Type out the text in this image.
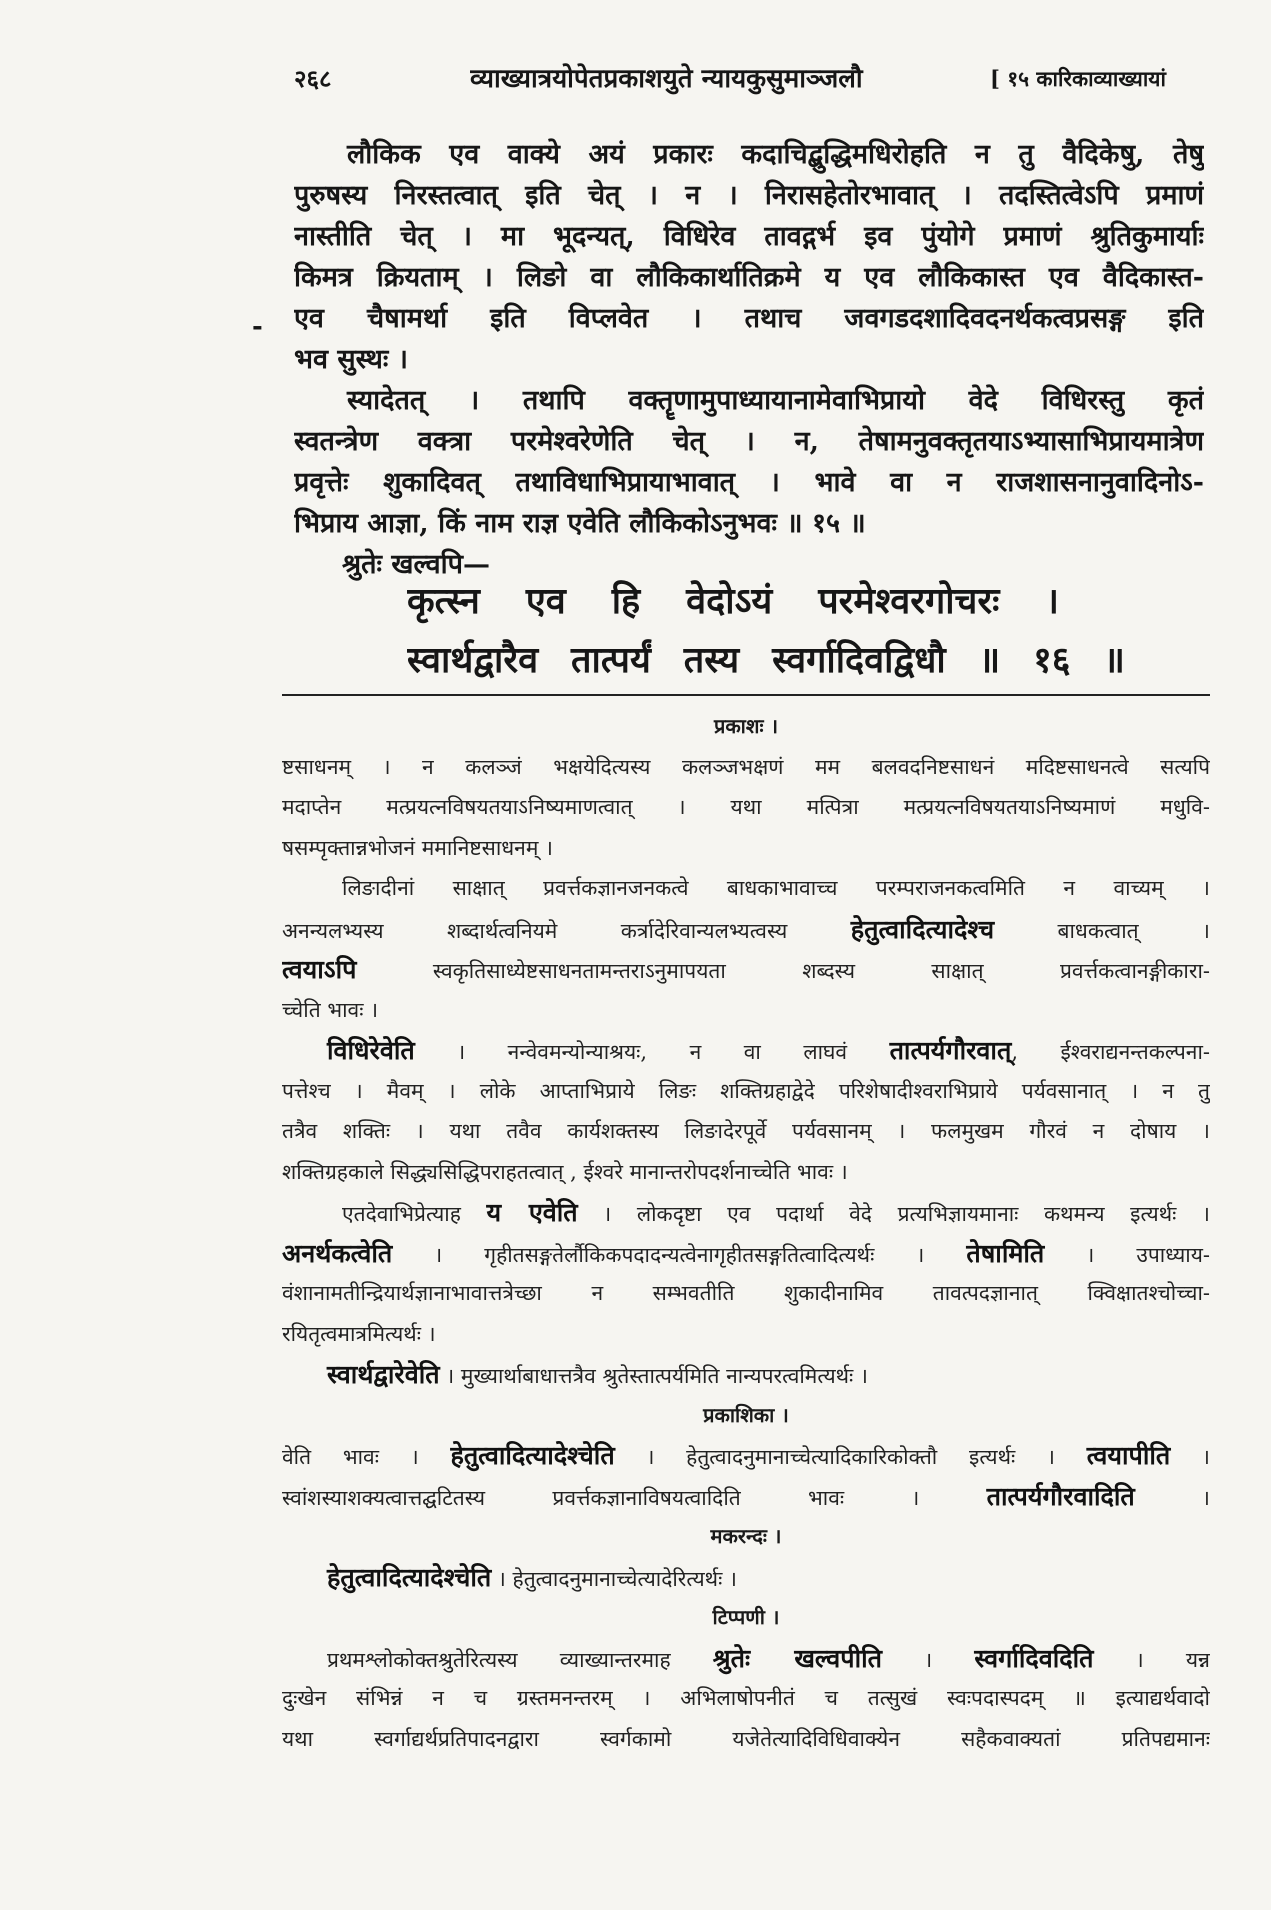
२६८	व्याख्यात्रयोपेतप्रकाशयुते न्यायकुसुमाञ्जलौ	[ १५ कारिकाव्याख्यायां
-
लौकिक एव वाक्ये अयं प्रकारः कदाचिद्बुद्धिमधिरोहति न तु वैदिकेषु, तेषु
पुरुषस्य निरस्तत्वात् इति चेत् । न । निरासहेतोरभावात् । तदस्तित्वेऽपि प्रमाणं
नास्तीति चेत् । मा भूदन्यत्, विधिरेव तावद्गर्भ इव पुंयोगे प्रमाणं श्रुतिकुमार्याः
किमत्र क्रियताम् । लिङो वा लौकिकार्थातिक्रमे य एव लौकिकास्त एव वैदिकास्त-
एव चैषामर्था इति विप्लवेत । तथाच जवगडदशादिवदनर्थकत्वप्रसङ्ग इति
भव सुस्थः ।
स्यादेतत् । तथापि वक्तॄणामुपाध्यायानामेवाभिप्रायो वेदे विधिरस्तु कृतं
स्वतन्त्रेण वक्त्रा परमेश्वरेणेति चेत् । न, तेषामनुवक्तृतयाऽभ्यासाभिप्रायमात्रेण
प्रवृत्तेः शुकादिवत् तथाविधाभिप्रायाभावात् । भावे वा न राजशासनानुवादिनोऽ-
भिप्राय आज्ञा, किं नाम राज्ञ एवेति लौकिकोऽनुभवः ॥ १५ ॥
श्रुतेः खल्वपि—
कृत्स्न एव हि वेदोऽयं परमेश्वरगोचरः ।
स्वार्थद्वारैव तात्पर्यं तस्य स्वर्गादिवद्विधौ ॥ १६ ॥
प्रकाशः ।
ष्टसाधनम् । न कलञ्जं भक्षयेदित्यस्य कलञ्जभक्षणं मम बलवदनिष्टसाधनं मदिष्टसाधनत्वे सत्यपि
मदाप्तेन मत्प्रयत्नविषयतयाऽनिष्यमाणत्वात् । यथा मत्पित्रा मत्प्रयत्नविषयतयाऽनिष्यमाणं मधुवि-
षसम्पृक्तान्नभोजनं ममानिष्टसाधनम् ।
लिङादीनां साक्षात् प्रवर्त्तकज्ञानजनकत्वे बाधकाभावाच्च परम्पराजनकत्वमिति न वाच्यम् ।
अनन्यलभ्यस्य शब्दार्थत्वनियमे कर्त्रादेरिवान्यलभ्यत्वस्य हेतुत्वादित्यादेश्च बाधकत्वात् ।
त्वयाऽपि स्वकृतिसाध्येष्टसाधनतामन्तराऽनुमापयता शब्दस्य साक्षात् प्रवर्त्तकत्वानङ्गीकारा-
च्चेति भावः ।
विधिरेवेति । नन्वेवमन्योन्याश्रयः, न वा लाघवं तात्पर्यगौरवात्, ईश्वराद्यनन्तकल्पना-
पत्तेश्च । मैवम् । लोके आप्ताभिप्राये लिङः शक्तिग्रहाद्वेदे परिशेषादीश्वराभिप्राये पर्यवसानात् । न तु
तत्रैव शक्तिः । यथा तवैव कार्यशक्तस्य लिङादेरपूर्वे पर्यवसानम् । फलमुखम गौरवं न दोषाय ।
शक्तिग्रहकाले सिद्ध्यसिद्धिपराहतत्वात् , ईश्वरे मानान्तरोपदर्शनाच्चेति भावः ।
एतदेवाभिप्रेत्याह य एवेति । लोकदृष्टा एव पदार्था वेदे प्रत्यभिज्ञायमानाः कथमन्य इत्यर्थः ।
अनर्थकत्वेति । गृहीतसङ्गतेर्लौकिकपदादन्यत्वेनागृहीतसङ्गतित्वादित्यर्थः । तेषामिति । उपाध्याय-
वंशानामतीन्द्रियार्थज्ञानाभावात्तत्रेच्छा न सम्भवतीति शुकादीनामिव तावत्पदज्ञानात् क्विक्षातश्चोच्चा-
रयितृत्वमात्रमित्यर्थः ।
स्वार्थद्वारेवेति । मुख्यार्थाबाधात्तत्रैव श्रुतेस्तात्पर्यमिति नान्यपरत्वमित्यर्थः ।
प्रकाशिका ।
वेति भावः । हेतुत्वादित्यादेश्चेति । हेतुत्वादनुमानाच्चेत्यादिकारिकोक्तौ इत्यर्थः । त्वयापीति ।
स्वांशस्याशक्यत्वात्तद्घटितस्य प्रवर्त्तकज्ञानाविषयत्वादिति भावः । तात्पर्यगौरवादिति ।
मकरन्दः ।
हेतुत्वादित्यादेश्चेति । हेतुत्वादनुमानाच्चेत्यादेरित्यर्थः ।
टिप्पणी ।
प्रथमश्लोकोक्तश्रुतेरित्यस्य व्याख्यान्तरमाह श्रुतेः खल्वपीति । स्वर्गादिवदिति । यन्न
दुःखेन संभिन्नं न च ग्रस्तमनन्तरम् । अभिलाषोपनीतं च तत्सुखं स्वःपदास्पदम् ॥ इत्याद्यर्थवादो
यथा स्वर्गाद्यर्थप्रतिपादनद्वारा स्वर्गकामो यजेतेत्यादिविधिवाक्येन सहैकवाक्यतां प्रतिपद्यमानः
